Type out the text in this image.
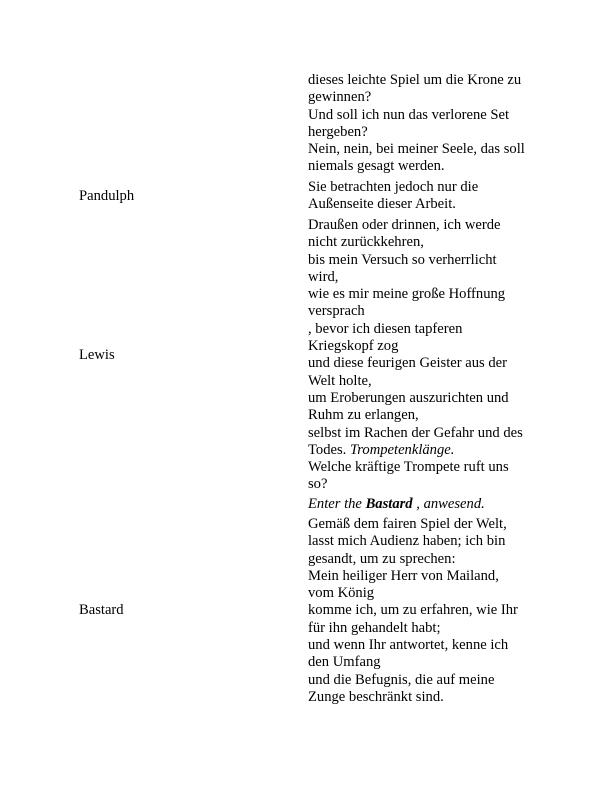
dieses leichte Spiel um die Krone zu
gewinnen?
Und soll ich nun das verlorene Set
hergeben?
Nein, nein, bei meiner Seele, das soll
niemals gesagt werden.
Pandulph
Sie betrachten jedoch nur die
Außenseite dieser Arbeit.
Lewis
Draußen oder drinnen, ich werde
nicht zurückkehren,
bis mein Versuch so verherrlicht
wird,
wie es mir meine große Hoffnung
versprach
, bevor ich diesen tapferen
Kriegskopf zog
und diese feurigen Geister aus der
Welt holte,
um Eroberungen auszurichten und
Ruhm zu erlangen,
selbst im Rachen der Gefahr und des
Todes. Trompetenklänge.
Welche kräftige Trompete ruft uns
so?
Enter the Bastard , anwesend.
Bastard
Gemäß dem fairen Spiel der Welt,
lasst mich Audienz haben; ich bin
gesandt, um zu sprechen:
Mein heiliger Herr von Mailand,
vom König
komme ich, um zu erfahren, wie Ihr
für ihn gehandelt habt;
und wenn Ihr antwortet, kenne ich
den Umfang
und die Befugnis, die auf meine
Zunge beschränkt sind.
